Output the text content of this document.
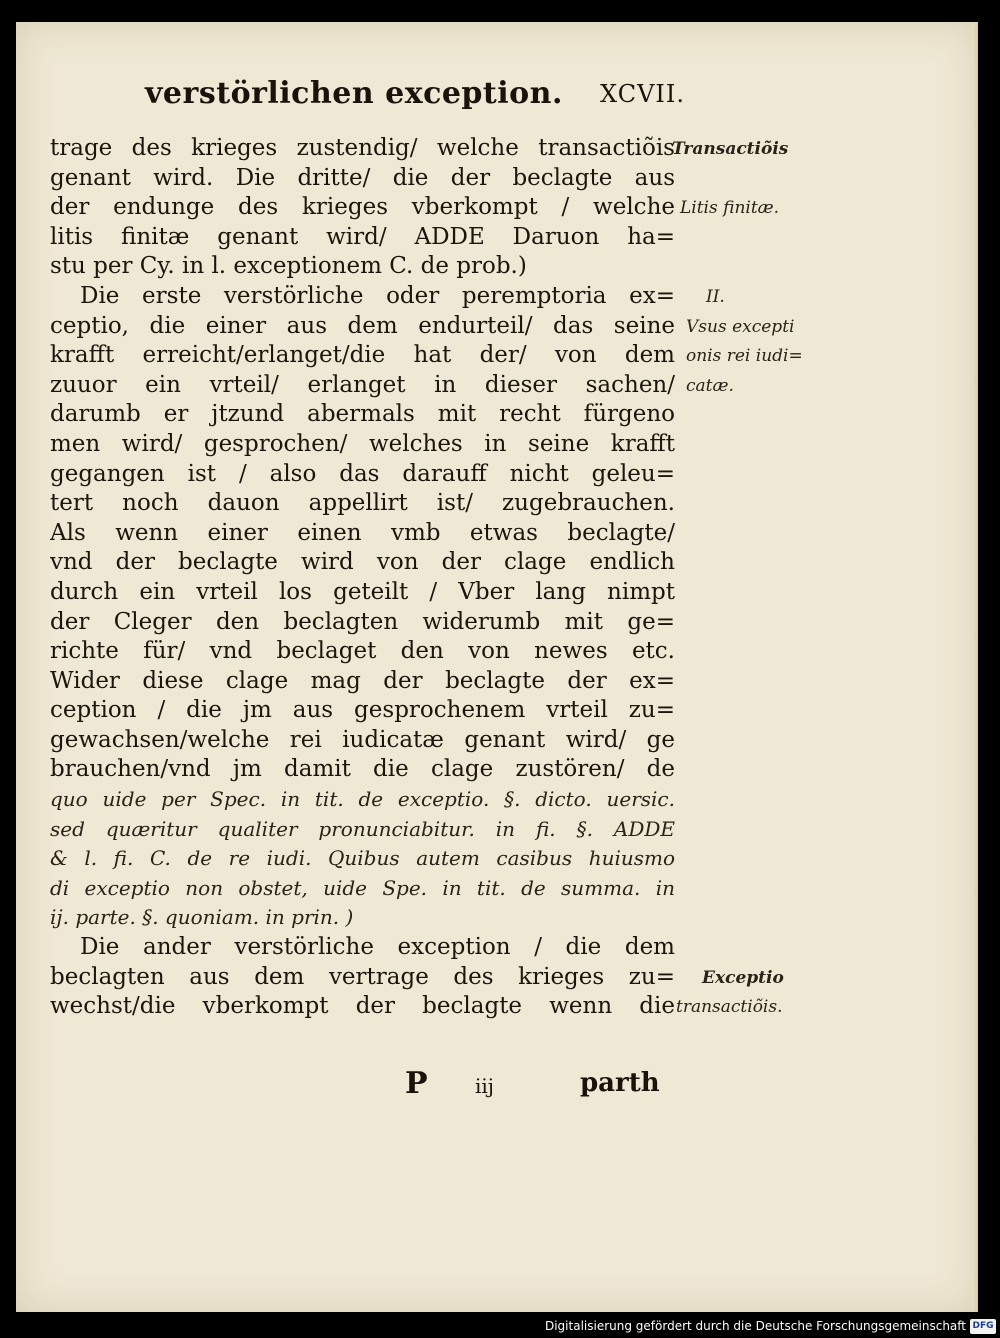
verstörlichen exception. XCVII.
trage des krieges zustendig/ welche transactiõis
genant wird. Die dritte/ die der beclagte aus
der endunge des krieges vberkompt / welche
litis finitæ genant wird/ ADDE Daruon ha=
stu per Cy. in l. exceptionem C. de prob.)
Die erste verstörliche oder peremptoria ex=
ceptio, die einer aus dem endurteil/ das seine
krafft erreicht/erlanget/die hat der/ von dem
zuuor ein vrteil/ erlanget in dieser sachen/
darumb er jtzund abermals mit recht fürgeno
men wird/ gesprochen/ welches in seine krafft
gegangen ist / also das darauff nicht geleu=
tert noch dauon appellirt ist/ zugebrauchen.
Als wenn einer einen vmb etwas beclagte/
vnd der beclagte wird von der clage endlich
durch ein vrteil los geteilt / Vber lang nimpt
der Cleger den beclagten widerumb mit ge=
richte für/ vnd beclaget den von newes etc.
Wider diese clage mag der beclagte der ex=
ception / die jm aus gesprochenem vrteil zu=
gewachsen/welche rei iudicatæ genant wird/ ge
brauchen/vnd jm damit die clage zustören/ de
quo uide per Spec. in tit. de exceptio. §. dicto. uersic.
sed quæritur qualiter pronunciabitur. in fi. §. ADDE
& l. fi. C. de re iudi. Quibus autem casibus huiusmo
di exceptio non obstet, uide Spe. in tit. de summa. in
ij. parte. §. quoniam. in prin. )
Die ander verstörliche exception / die dem
beclagten aus dem vertrage des krieges zu=
wechst/die vberkompt der beclagte wenn die
Transactiõis
Litis finitæ.
II.
Vsus excepti
onis rei iudi=
catæ.
Exceptio
transactiõis.
P iij	parth
Digitalisierung gefördert durch die Deutsche Forschungsgemeinschaft DFG
